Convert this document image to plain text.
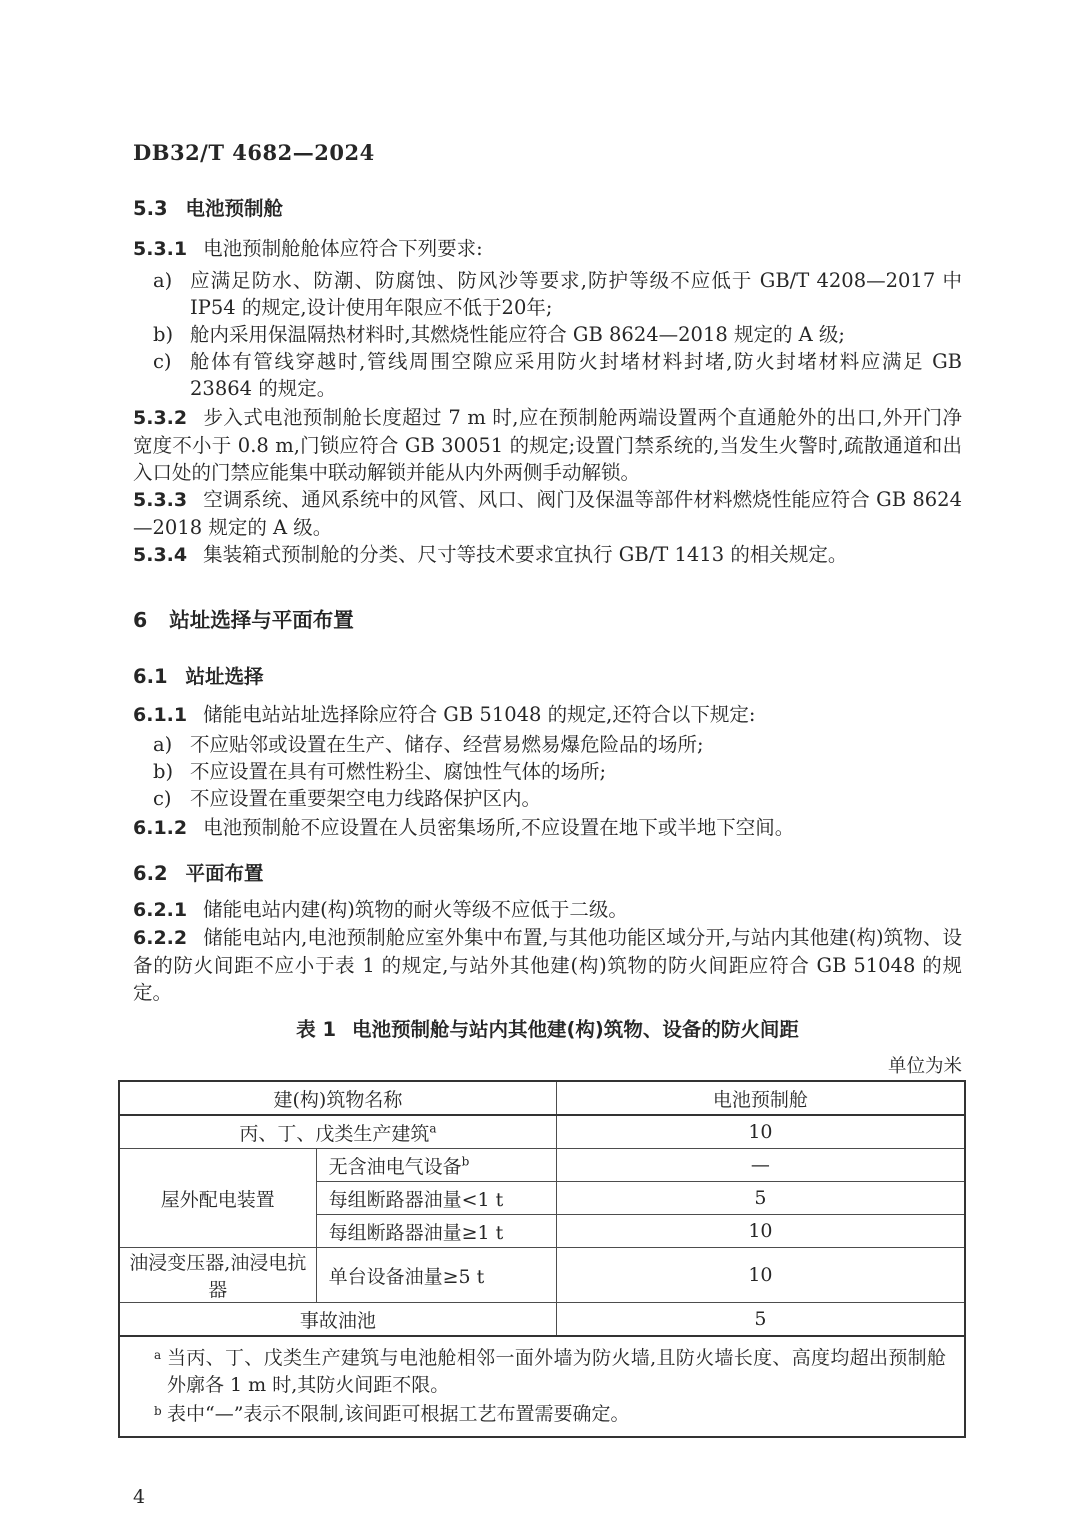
DB32/T 4682—2024
5.3 电池预制舱

5.3.1 电池预制舱舱体应符合下列要求:

a) 应满足防水、防潮、防腐蚀、防风沙等要求,防护等级不应低于 GB/T 4208—2017 中 IP54 的规定,设计使用年限应不低于20年;
b) 舱内采用保温隔热材料时,其燃烧性能应符合 GB 8624—2018 规定的 A 级;
c) 舱体有管线穿越时,管线周围空隙应采用防火封堵材料封堵,防火封堵材料应满足 GB 23864 的规定。

5.3.2 步入式电池预制舱长度超过 7 m 时,应在预制舱两端设置两个直通舱外的出口,外开门净宽度不小于 0.8 m,门锁应符合 GB 30051 的规定;设置门禁系统的,当发生火警时,疏散通道和出入口处的门禁应能集中联动解锁并能从内外两侧手动解锁。

5.3.3 空调系统、通风系统中的风管、风口、阀门及保温等部件材料燃烧性能应符合 GB 8624—2018 规定的 A 级。

5.3.4 集装箱式预制舱的分类、尺寸等技术要求宜执行 GB/T 1413 的相关规定。

6 站址选择与平面布置
6.1 站址选择

6.1.1 储能电站站址选择除应符合 GB 51048 的规定,还符合以下规定:

a) 不应贴邻或设置在生产、储存、经营易燃易爆危险品的场所;
b) 不应设置在具有可燃性粉尘、腐蚀性气体的场所;
c) 不应设置在重要架空电力线路保护区内。

6.1.2 电池预制舱不应设置在人员密集场所,不应设置在地下或半地下空间。

6.2 平面布置

6.2.1 储能电站内建(构)筑物的耐火等级不应低于二级。

6.2.2 储能电站内,电池预制舱应室外集中布置,与其他功能区域分开,与站内其他建(构)筑物、设备的防火间距不应小于表 1 的规定,与站外其他建(构)筑物的防火间距应符合 GB 51048 的规定。

表 1 电池预制舱与站内其他建(构)筑物、设备的防火间距
单位为米
建(构)筑物名称		电池预制舱
丙、丁、戊类生产建筑$^a$		10
屋外配电装置	无含油电气设备$^b$	—
	每组断路器油量<1 t	5
	每组断路器油量≥1 t	10
油浸变压器,油浸电抗器	单台设备油量≥5 t	10
事故油池		5

a 当丙、丁、戊类生产建筑与电池舱相邻一面外墙为防火墙,且防火墙长度、高度均超出预制舱外廓各 1 m 时,其防火间距不限。
b 表中“—”表示不限制,该间距可根据工艺布置需要确定。		
4
